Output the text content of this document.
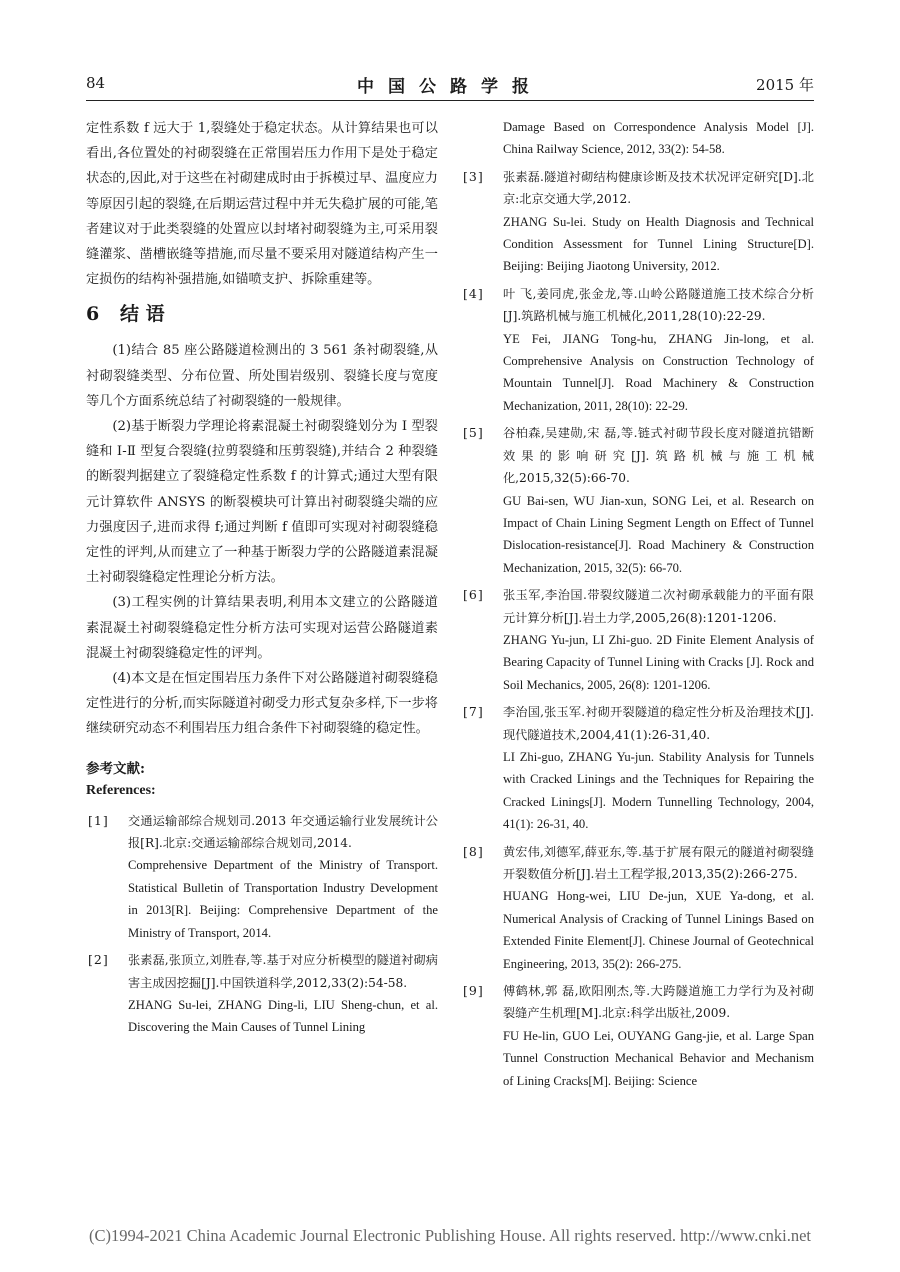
84	中国公路学报	2015 年

定性系数 f 远大于 1,裂缝处于稳定状态。从计算结果也可以看出,各位置处的衬砌裂缝在正常围岩压力作用下是处于稳定状态的,因此,对于这些在衬砌建成时由于拆模过早、温度应力等原因引起的裂缝,在后期运营过程中并无失稳扩展的可能,笔者建议对于此类裂缝的处置应以封堵衬砌裂缝为主,可采用裂缝灌浆、凿槽嵌缝等措施,而尽量不要采用对隧道结构产生一定损伤的结构补强措施,如锚喷支护、拆除重建等。

6 结 语

(1)结合 85 座公路隧道检测出的 3 561 条衬砌裂缝,从衬砌裂缝类型、分布位置、所处围岩级别、裂缝长度与宽度等几个方面系统总结了衬砌裂缝的一般规律。

(2)基于断裂力学理论将素混凝土衬砌裂缝划分为 Ⅰ 型裂缝和 Ⅰ-Ⅱ 型复合裂缝(拉剪裂缝和压剪裂缝),并结合 2 种裂缝的断裂判据建立了裂缝稳定性系数 f 的计算式;通过大型有限元计算软件 ANSYS 的断裂模块可计算出衬砌裂缝尖端的应力强度因子,进而求得 f;通过判断 f 值即可实现对衬砌裂缝稳定性的评判,从而建立了一种基于断裂力学的公路隧道素混凝土衬砌裂缝稳定性理论分析方法。

(3)工程实例的计算结果表明,利用本文建立的公路隧道素混凝土衬砌裂缝稳定性分析方法可实现对运营公路隧道素混凝土衬砌裂缝稳定性的评判。

(4)本文是在恒定围岩压力条件下对公路隧道衬砌裂缝稳定性进行的分析,而实际隧道衬砌受力形式复杂多样,下一步将继续研究动态不利围岩压力组合条件下衬砌裂缝的稳定性。

参考文献:
References:
[1] 交通运输部综合规划司.2013 年交通运输行业发展统计公报[R].北京:交通运输部综合规划司,2014.

Comprehensive Department of the Ministry of Transport. Statistical Bulletin of Transportation Industry Development in 2013[R]. Beijing: Comprehensive Department of the Ministry of Transport, 2014.

[2] 张素磊,张顶立,刘胜春,等.基于对应分析模型的隧道衬砌病害主成因挖掘[J].中国铁道科学,2012,33(2):54-58.

ZHANG Su-lei, ZHANG Ding-li, LIU Sheng-chun, et al. Discovering the Main Causes of Tunnel Lining

Damage Based on Correspondence Analysis Model [J]. China Railway Science, 2012, 33(2): 54-58.

[3] 张素磊.隧道衬砌结构健康诊断及技术状况评定研究[D].北京:北京交通大学,2012.

ZHANG Su-lei. Study on Health Diagnosis and Technical Condition Assessment for Tunnel Lining Structure[D]. Beijing: Beijing Jiaotong University, 2012.

[4] 叶 飞,姜同虎,张金龙,等.山岭公路隧道施工技术综合分析[J].筑路机械与施工机械化,2011,28(10):22-29.

YE Fei, JIANG Tong-hu, ZHANG Jin-long, et al. Comprehensive Analysis on Construction Technology of Mountain Tunnel[J]. Road Machinery & Construction Mechanization, 2011, 28(10): 22-29.

[5] 谷柏森,吴建勋,宋 磊,等.链式衬砌节段长度对隧道抗错断效果的影响研究[J].筑路机械与施工机械化,2015,32(5):66-70.

GU Bai-sen, WU Jian-xun, SONG Lei, et al. Research on Impact of Chain Lining Segment Length on Effect of Tunnel Dislocation-resistance[J]. Road Machinery & Construction Mechanization, 2015, 32(5): 66-70.

[6] 张玉军,李治国.带裂纹隧道二次衬砌承载能力的平面有限元计算分析[J].岩土力学,2005,26(8):1201-1206.

ZHANG Yu-jun, LI Zhi-guo. 2D Finite Element Analysis of Bearing Capacity of Tunnel Lining with Cracks [J]. Rock and Soil Mechanics, 2005, 26(8): 1201-1206.

[7] 李治国,张玉军.衬砌开裂隧道的稳定性分析及治理技术[J].现代隧道技术,2004,41(1):26-31,40.

LI Zhi-guo, ZHANG Yu-jun. Stability Analysis for Tunnels with Cracked Linings and the Techniques for Repairing the Cracked Linings[J]. Modern Tunnelling Technology, 2004, 41(1): 26-31, 40.

[8] 黄宏伟,刘德军,薛亚东,等.基于扩展有限元的隧道衬砌裂缝开裂数值分析[J].岩土工程学报,2013,35(2):266-275.

HUANG Hong-wei, LIU De-jun, XUE Ya-dong, et al. Numerical Analysis of Cracking of Tunnel Linings Based on Extended Finite Element[J]. Chinese Journal of Geotechnical Engineering, 2013, 35(2): 266-275.

[9] 傅鹤林,郭 磊,欧阳刚杰,等.大跨隧道施工力学行为及衬砌裂缝产生机理[M].北京:科学出版社,2009.

FU He-lin, GUO Lei, OUYANG Gang-jie, et al. Large Span Tunnel Construction Mechanical Behavior and Mechanism of Lining Cracks[M]. Beijing: Science

(C)1994-2021 China Academic Journal Electronic Publishing House. All rights reserved. http://www.cnki.net
